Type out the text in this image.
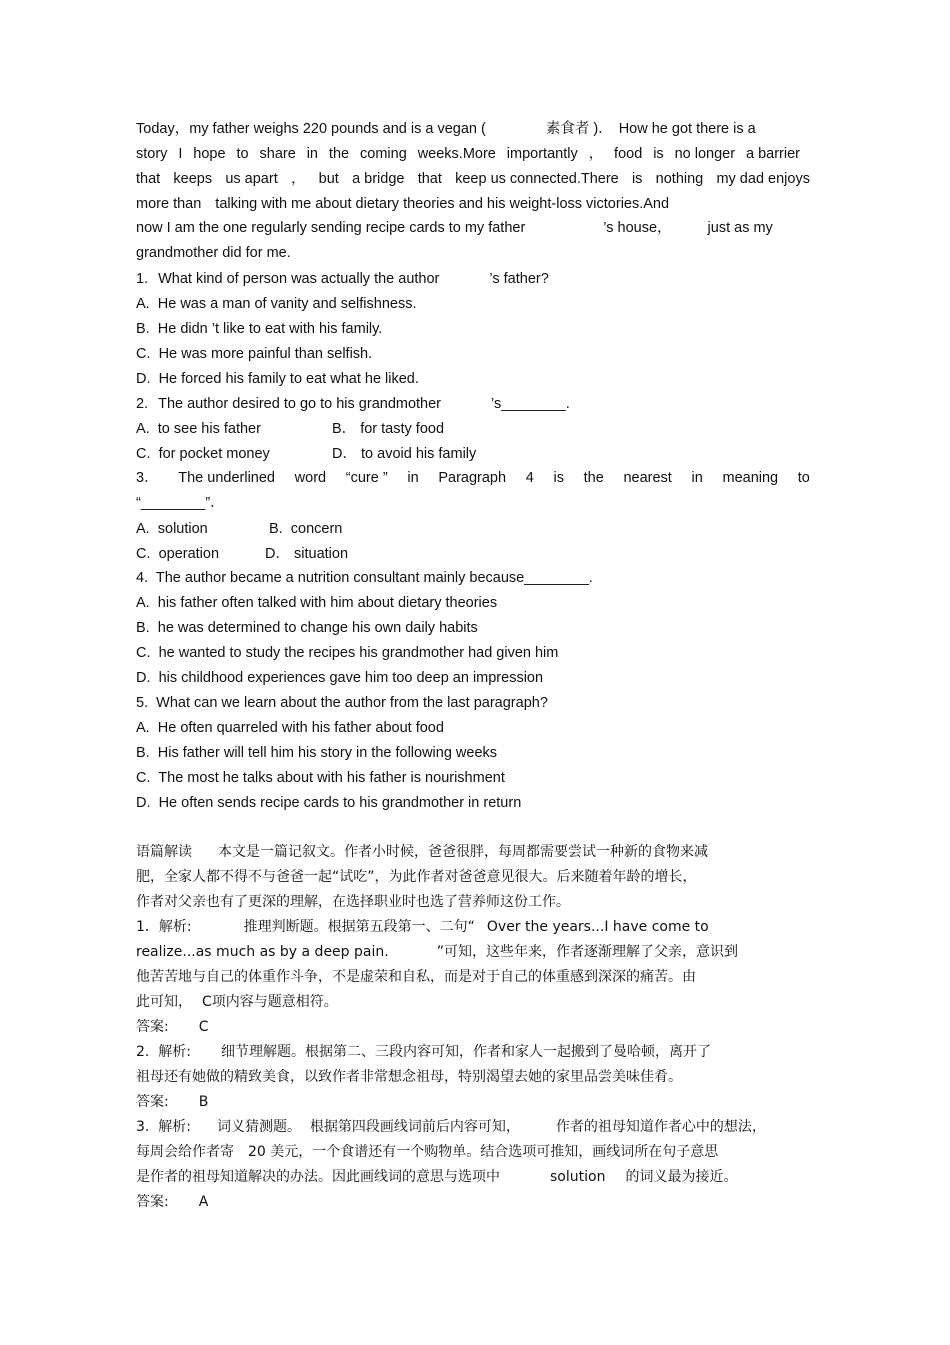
Today，my father weighs 220 pounds and is a vegan (	素食者 )． How he got there is a
story I hope to share in the coming weeks.More importantly ， food is no longer a barrier
that keeps us apart ， but a bridge that keep us connected.There is nothing my dad enjoys
more than talking with me about dietary theories and his weight-loss victories.And
now I am the one regularly sending recipe cards to my father	’s house， just as my
grandmother did for me.
1. What kind of person was actually the author	’s father?
A. He was a man of vanity and selfishness.
B. He didn ’t like to eat with his family.
C. He was more painful than selfish.
D. He forced his family to eat what he liked.
2. The author desired to go to his grandmother	’s________.
A. to see his father	B． for tasty food
C. for pocket money	D． to avoid his family
3． The underlined word “cure ” in Paragraph 4 is the nearest in meaning to
“________”．
A. solution	B. concern
C. operation	D． situation
4. The author became a nutrition consultant mainly because________.
A. his father often talked with him about dietary theories
B. he was determined to change his own daily habits
C. he wanted to study the recipes his grandmother had given him
D. his childhood experiences gave him too deep an impression
5. What can we learn about the author from the last paragraph?
A. He often quarreled with his father about food
B. His father will tell him his story in the following weeks
C. The most he talks about with his father is nourishment
D. He often sends recipe cards to his grandmother in return
语篇解读 本文是一篇记叙文。作者小时候，爸爸很胖，每周都需要尝试一种新的食物来减
肥，全家人都不得不与爸爸一起“试吃”，为此作者对爸爸意见很大。后来随着年龄的增长，
作者对父亲也有了更深的理解，在选择职业时也选了营养师这份工作。
1．解析:	推理判断题。根据第五段第一、二句“ Over the years...I have come to
realize...as much as by a deep pain.	”可知，这些年来，作者逐渐理解了父亲，意识到
他苦苦地与自己的体重作斗争，不是虚荣和自私，而是对于自己的体重感到深深的痛苦。由
此可知， C项内容与题意相符。
答案: C
2.  解析: 细节理解题。根据第二、三段内容可知，作者和家人一起搬到了曼哈顿，离开了
祖母还有她做的精致美食，以致作者非常想念祖母，特别渴望去她的家里品尝美味佳肴。
答案: B
3.  解析: 词义猜测题。  根据第四段画线词前后内容可知，	作者的祖母知道作者心中的想法，
每周会给作者寄 20 美元，一个食谱还有一个购物单。结合选项可推知，画线词所在句子意思
是作者的祖母知道解决的办法。因此画线词的意思与选项中	solution 的词义最为接近。
答案: A
